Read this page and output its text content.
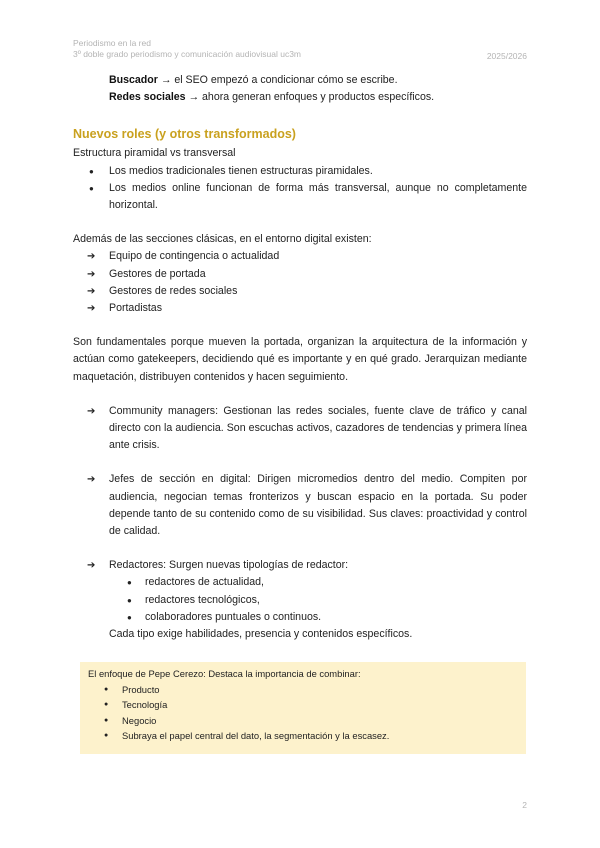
Periodismo en la red
3º doble grado periodismo y comunicación audiovisual uc3m	2025/2026
Buscador → el SEO empezó a condicionar cómo se escribe.
Redes sociales → ahora generan enfoques y productos específicos.
Nuevos roles (y otros transformados)

Estructura piramidal vs transversal

● Los medios tradicionales tienen estructuras piramidales.
● Los medios online funcionan de forma más transversal, aunque no completamente horizontal.

Además de las secciones clásicas, en el entorno digital existen:

➔ Equipo de contingencia o actualidad
➔ Gestores de portada
➔ Gestores de redes sociales
➔ Portadistas

Son fundamentales porque mueven la portada, organizan la arquitectura de la información y actúan como gatekeepers, decidiendo qué es importante y en qué grado. Jerarquizan mediante maquetación, distribuyen contenidos y hacen seguimiento.

➔ Community managers: Gestionan las redes sociales, fuente clave de tráfico y canal directo con la audiencia. Son escuchas activos, cazadores de tendencias y primera línea ante crisis.
➔ Jefes de sección en digital: Dirigen micromedios dentro del medio. Compiten por audiencia, negocian temas fronterizos y buscan espacio en la portada. Su poder depende tanto de su contenido como de su visibilidad. Sus claves: proactividad y control de calidad.
➔ Redactores: Surgen nuevas tipologías de redactor:
● redactores de actualidad,
● redactores tecnológicos,
● colaboradores puntuales o continuos.

Cada tipo exige habilidades, presencia y contenidos específicos.

El enfoque de Pepe Cerezo: Destaca la importancia de combinar:
● Producto
● Tecnología
● Negocio
● Subraya el papel central del dato, la segmentación y la escasez.
2
